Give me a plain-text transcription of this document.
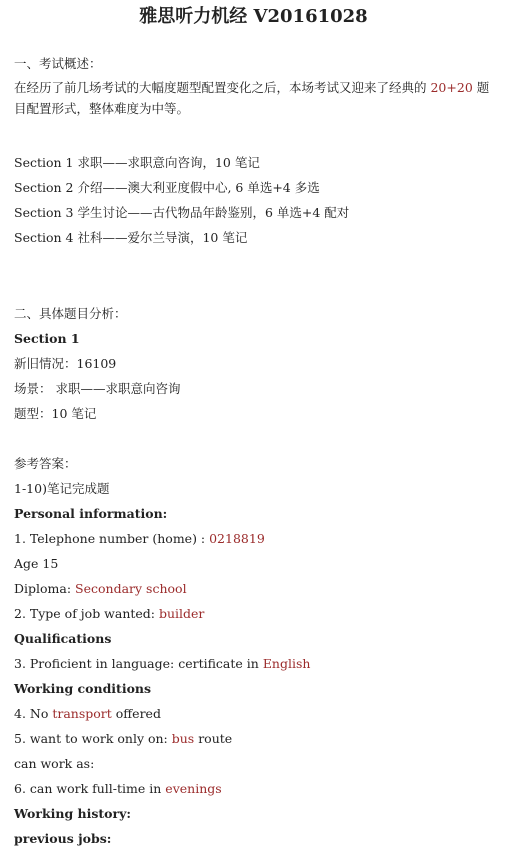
雅思听力机经 V20161028
一、考试概述：
在经历了前几场考试的大幅度题型配置变化之后，本场考试又迎来了经典的 20+20 题目配置形式，整体难度为中等。
Section 1 求职——求职意向咨询，10 笔记
Section 2 介绍——澳大利亚度假中心, 6 单选+4 多选
Section 3 学生讨论——古代物品年龄鉴别，6 单选+4 配对
Section 4 社科——爱尔兰导演，10 笔记
二、具体题目分析：
Section 1
新旧情况：16109
场景： 求职——求职意向咨询
题型：10 笔记
参考答案：
1-10)笔记完成题
Personal information:
1. Telephone number (home) : 0218819
Age 15
Diploma: Secondary school
2. Type of job wanted: builder
Qualifications
3. Proficient in language: certificate in English
Working conditions
4. No transport offered
5. want to work only on: bus route
can work as:
6. can work full-time in evenings
Working history:
previous jobs:
